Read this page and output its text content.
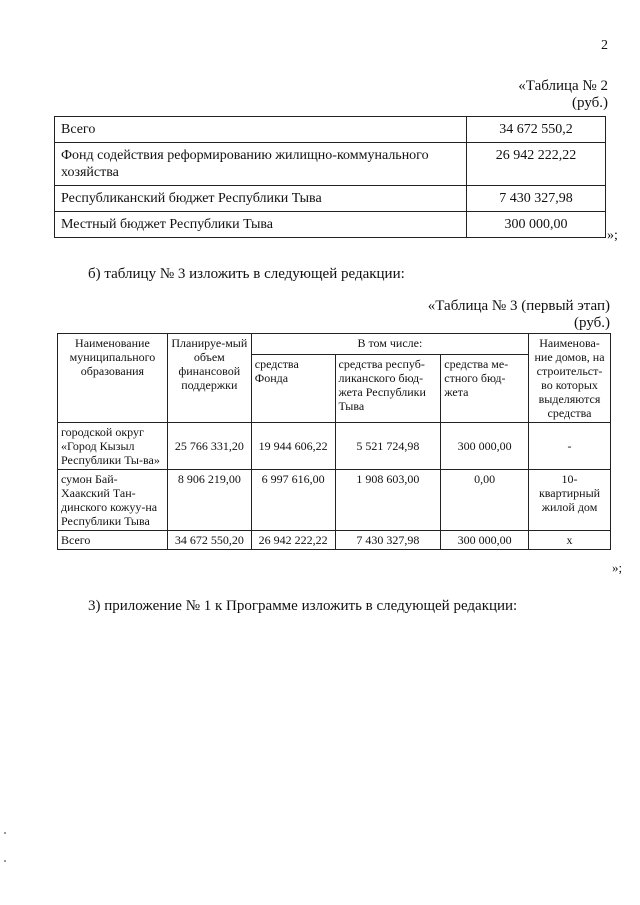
2
«Таблица № 2
(руб.)
Всего	34 672 550,2
Фонд содействия реформированию жилищно-коммунального хозяйства	26 942 222,22
Республиканский бюджет Республики Тыва	7 430 327,98
Местный бюджет Республики Тыва	300 000,00
»;
б) таблицу № 3 изложить в следующей редакции:
«Таблица № 3 (первый этап)
(руб.)
Наименование муниципального образования	Планируе-мый объем финансовой поддержки	В том числе:			Наименова-ние домов, на строительст-во которых выделяются средства
		средства Фонда	средства респуб-ликанского бюд-жета Республики Тыва	средства ме-стного бюд-жета	
городской округ «Город Кызыл Республики Ты-ва»	25 766 331,20	19 944 606,22	5 521 724,98	300 000,00	-
сумон Бай-Хаакский Тан-динского кожуу-на Республики Тыва	8 906 219,00	6 997 616,00	1 908 603,00	0,00	10-квартирный жилой дом
Всего	34 672 550,20	26 942 222,22	7 430 327,98	300 000,00	х
»;
3) приложение № 1 к Программе изложить в следующей редакции:
